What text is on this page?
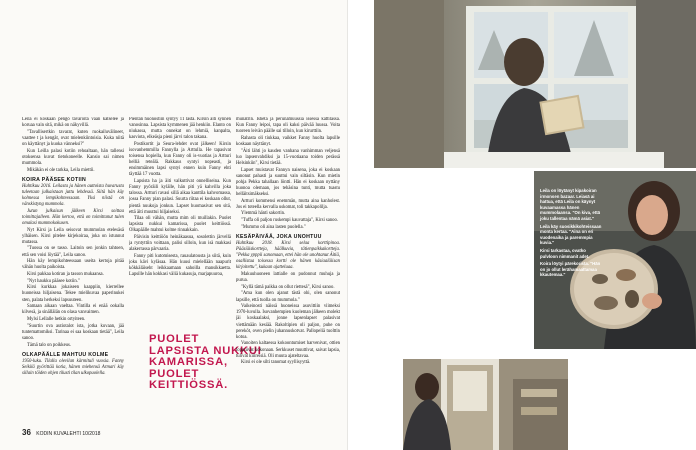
Leila ei koskaan pengo tavaroita vaan katselee ja koruaa vain sitä, mikä on näkyvillä.

"Tavallisertkin tavarat, kuten ruokailuvälineet, vaattee t ja kengät, ovat mielenkiintoisia. Kuka niitä on käyttänyt ja kuoka vänneksi?"

Kun Leilla palasi kotiin rehoaltaan, hän tallensi otoksensa kuvat tietokoneelle. Kansio sai nimen mummola.

Mikäkän ei ole tarkka, Leila miettii.

KOIRA PÄÄSEE KOTIIN

Huhtikuu 2016. Leilasta ja hänen auttoista huvarusta tuleetaan julkaistaan juttu lehdessä. Siitä hän käy kolmessa lempikohteessaan. Yksi niistä on vänskistyng mummola.

Jutun julkaisun jälkeen Kirsi soittaa toimittajalleen. Hän kertoo, että on toimittanut tulen omalasi mummokokusen.

Nyt Kirsi ja Leila seisovat mummolan etelesäsä ylhäisen. Kirsi pitelee kirjekoiraa, joka on istunnut mutassa.

"Tuossa on se tasso. Laitoin sen jonkin tahtoen, että sen voisi löytää", Leila sanoo.

Hän käy lempikohteessaan useita kertoja pitää vähän huolta paikoista.

Kirsi pakkaa kotiran ja tasson mukaansa.

"Nyt haukku pääsee kotiin."

Kirsi kurkkaa jokaiseen kaappiin, kierrellee huoneissa hiljaisena. Tekee mielikuvaa paperinukei sten, palata herkeksi lapsuuteen.

Samaan aikaan vaeltaa. Vintilla ei enää ookalla kilvesä, ja sinällälän on olasa vanvaimen.

Mylsi Lellalle hetkin ortyiteen.

"Suurtin ova autiotalot ista, jotka kuvaan, jää tuntemattomiksi. Tarinaa ei saa koskaan tietää", Leila sanoo.

Tämä talo on poikkeus.

OLKAPÄÄLLE MAHTUU KOLME

1950-luku. Tilalla olevilan kärmituli vuosia. Fanny Seikilä pyörittää kotia, hänen miehensä Armari käy sillain töiden ohjen tilusti tilan ulkopuolella.

Pientän huonostiin syntyy 11 lasta. Kirsin äiti synnen vanosinna. Lapsista kymmenen jää henkiin. Elanto on niukassa, mutta onnekat on lehmiä, kanpalta, kasviota, elkeäsja pieni järvi talon takana.

Postikortit ja Seura-lehdet ovat jälkeen! Kirsin isovanhemmilla Fannylla ja Arttulla. He tapasivat toisensa hopiella, kun Fanny oli is-vuotias ja Artturi helliä reteälä. Rakkaus syntyi nopeasti, ja ensimmäinen lapsi syntyi ennen kuin Fanny ehti täyttää 17 vuotta.

Lapsista ha ja äiti valkuttivat onnelliseina. Kun Fanny pyöräili kylälle, hän piti yä kahvilla joka talossa. Artturi ravasi sillä aikaa kanttila kahvomassa, jossa Fanny pian palasi. Suurta riitaa ei koskaan ollut, pientä nuukoja jonkun. Lapset huomasivat sen sitä, että äiti muuttui hiljaiseksi.

Tilaa oli vähän, mutta mim oli muillakin. Puolet lapsista nukkui kamarissa, puolet keittiössä. Olkapäälle mahtui kolme rinnakkain.

Päivisin keittiöön heinäkaasua, sosolettin järvellä ja ryntyttiin voittaan, palisi silloin, kun isä makkasi alakerrassa pärvaaria.

Fanny piti kutomisesta, rauaulatousta ja siitä, kuin joku kävi kyläsaa. Hän kuusi mielellään naapurit kökkäläiseht leikkaamaan sahoilla mansikkaetta. Lapsille hän kokkasi väliä kukasuja, marjapuuroa,

PUOLET LAPSISTA NUKKUI KAMARISSA, PUOLET KEITTIÖSSÄ.

munatrin. Isheta ja perunamuussia issessa kattilassa. Kun Fanny leipoi, tapa oli kaksi päivää luussa. Voita tuoreen leivän päälle sai tilloin, kun kirurttiin.

Rahasta oli tiukkaa, vaikket Fanny huolta lapsille koskaan näyttänyt.

"Äiti lähti jo kauden vanhana vanhimman veljensä luo lapsenvahdiksi ja 15-vuotiaana toiden perässä Helsinkiin", Kirsi tietää.

Lapset muistavat Fannyn naisena, joka ei koskaan sanonut pahasti ja suuttui vain siltäsin. Kun mietin pohja Pekka tahallaan löntti. Hän ei koskaan nyttäny huonoa olemaan, jos tehäsina tunti, mutta tuastu helläitsimäkseksi.

Artturi kommensi enemmän, mutta aina kanholest. Jos ei toteella kervalla uskomat, toli takkapolilja.

Ylemmä hänti sakortin.

"Tuffa oli paljon ruskempi kauvattaja", Kirsi sanoo.

"Mummo oli aina lasten puolella."

KESÄPÄIVÄÄ, JOKA UNOHTUU

Huhtikuu 2018. Kirsi selaa korttipinoa. Pääsiäiskortteja, häälkuvia, tätienpaikkakortteja. "Pekka ypppii sanomaan, ettei hän ole unohtanut Äitiä, osallistua toisessa kortti ole hänen käsiaaläiisan kirjoitettu", kukaan ajatteluaa.

Makuuhuoneen lattialle on pudonnut muhuja ja purua.

"Kyllä tämä paikka on ollut riettesä", Kirsi sanoo.

"Ama kun olen ajanut tästä ohi, olen sanonut lapsille, että tuolla on mummola."

Vaikeinosti näissä huoneissa asuvittiin viimeksi 1970-luvulla. Isovanhempien kuoleman jälkeen molekt jäi koskaalaksi, jonne lapsenlapset palasivat viettämään kesiää. Rakoltipien oli paljon, puhe on pereköt, oven pielin juhannuskotvat. Pallopeliä tuolttin kotoa.

Vanoiten kaltaessa kokoontumiset harvenivat, ottien loppuivat kokonaan. Serkkuset muuttivat, saivat lapsia, tulivat kiiireisiä. Oli muuta ajateltavaa.

Kirsi ei ole silti tanomat syyllisyyttä.

36 KODIN KUVALEHTI 10/2018

Leila on löytänyt kipakoiran irmonsen bazaar. Leiasä ai hattua, että Leila on käynyt kuvaamassa hänen mummolaansa. "On kiva, että joku tallentaa nämä asiat."

Leila käy suosikkikohteissaan monta kertaa. "Aina on eri vuodenaika ja paremmpia kuvia."

Kirsi tarkastaa, ovatko pulvloon nimmanit adet.

Koira löytyi pärekorista. "Hän on jo ollut lerähamaattamaa kkautemaa."
